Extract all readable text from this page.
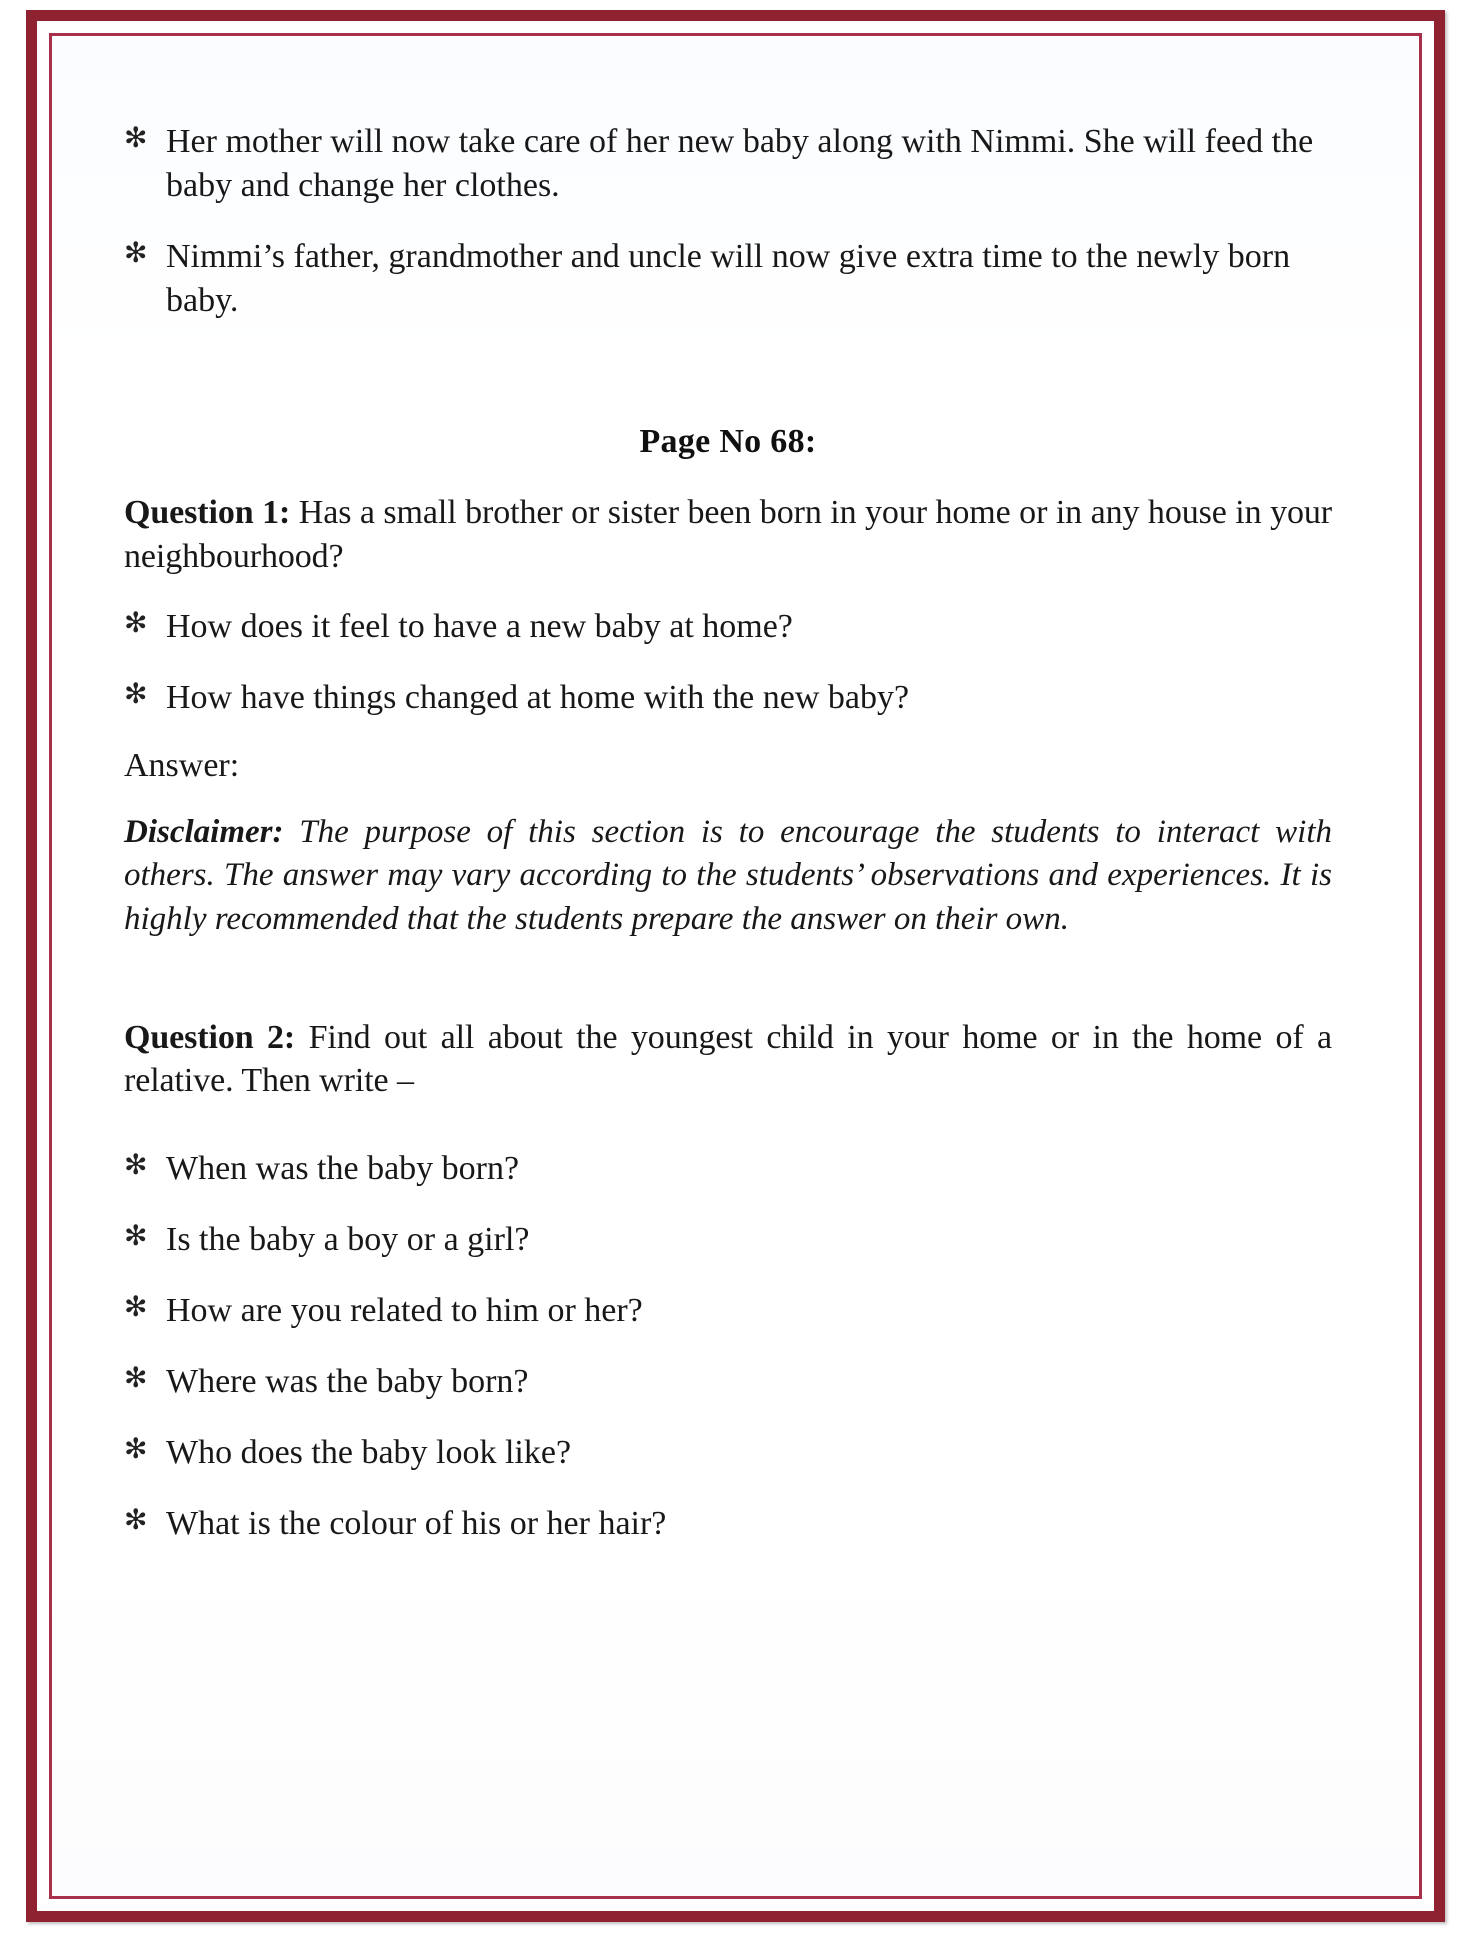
✻ Her mother will now take care of her new baby along with Nimmi. She will feed the baby and change her clothes.
✻ Nimmi’s father, grandmother and uncle will now give extra time to the newly born baby.
Page No 68:

Question 1: Has a small brother or sister been born in your home or in any house in your neighbourhood?

✻ How does it feel to have a new baby at home?
✻ How have things changed at home with the new baby?
Answer:

Disclaimer: The purpose of this section is to encourage the students to interact with others. The answer may vary according to the students’ observations and experiences. It is highly recommended that the students prepare the answer on their own.

Question 2: Find out all about the youngest child in your home or in the home of a relative. Then write –

✻ When was the baby born?
✻ Is the baby a boy or a girl?
✻ How are you related to him or her?
✻ Where was the baby born?
✻ Who does the baby look like?
✻ What is the colour of his or her hair?
